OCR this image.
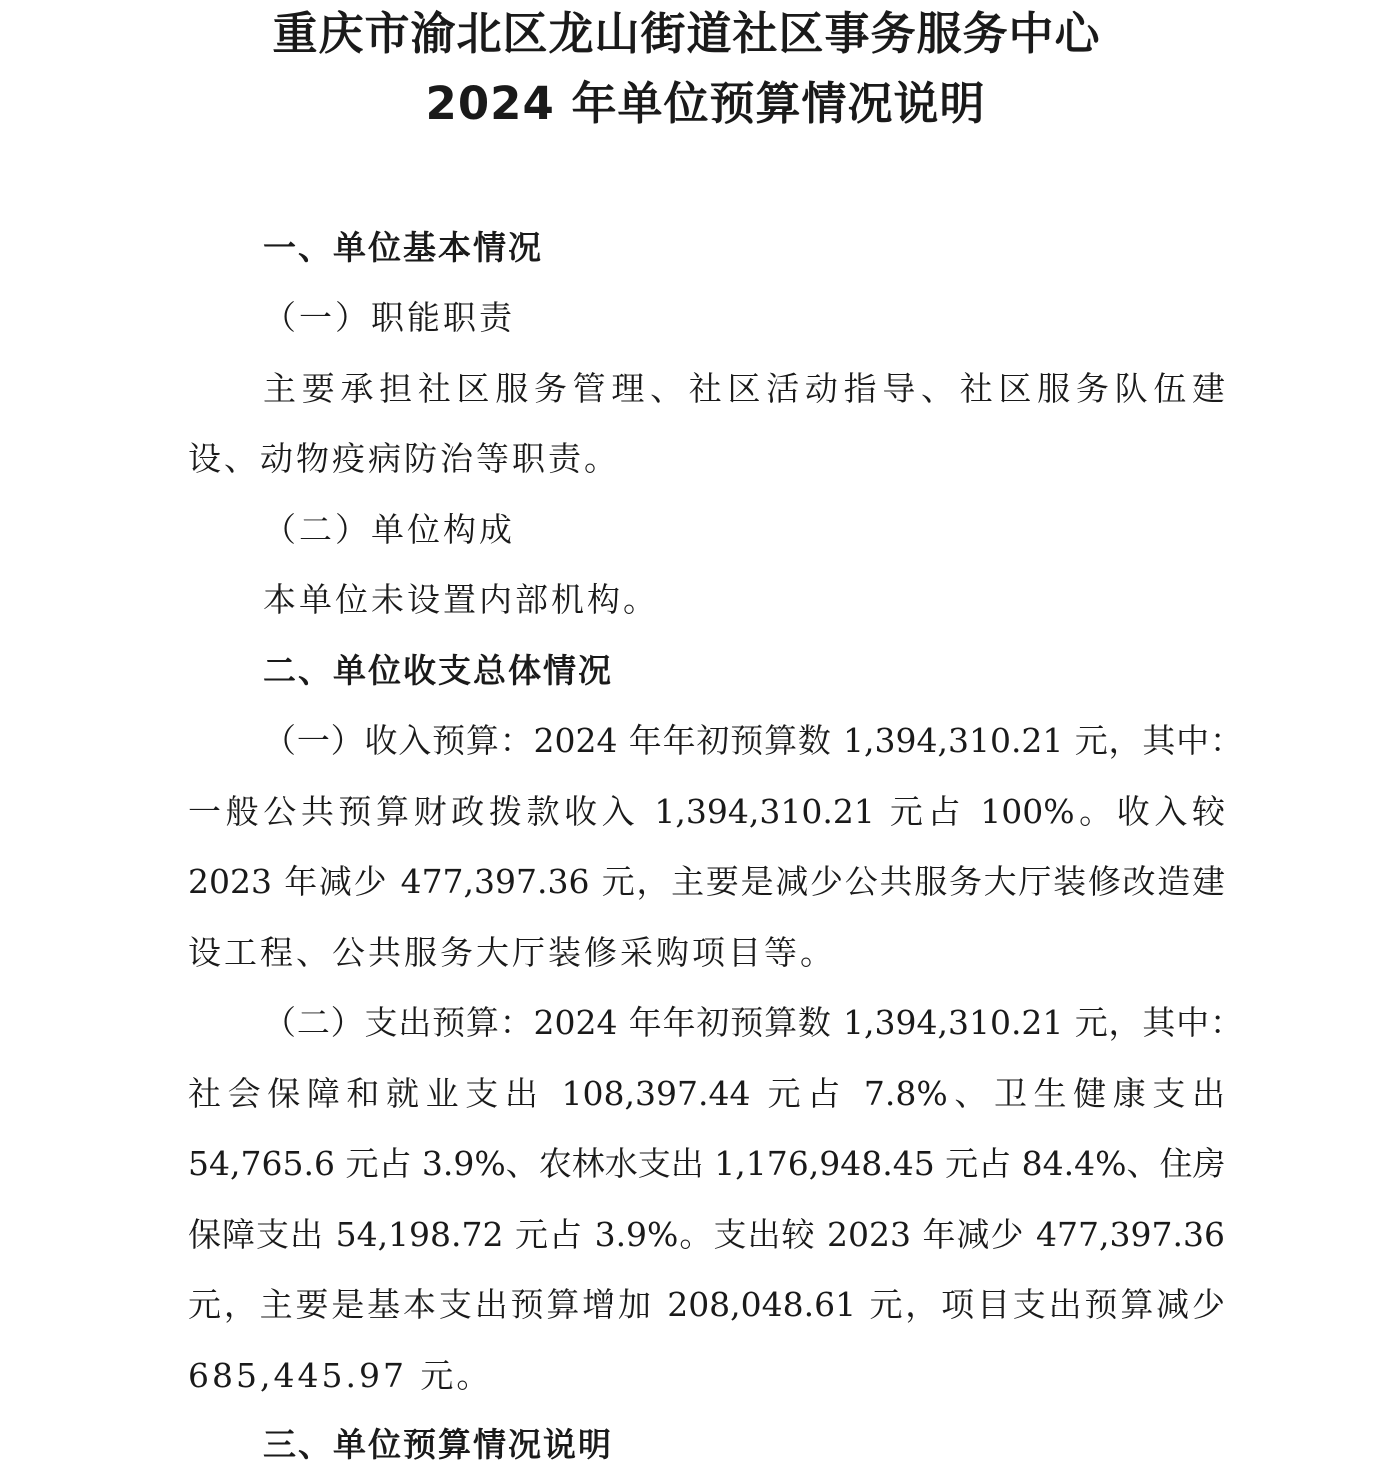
重庆市渝北区龙山街道社区事务服务中心
2024 年单位预算情况说明
一、单位基本情况
（一）职能职责
主要承担社区服务管理、社区活动指导、社区服务队伍建
设、动物疫病防治等职责。
（二）单位构成
本单位未设置内部机构。
二、单位收支总体情况
（一）收入预算：2024 年年初预算数 1,394,310.21 元，其中：
一般公共预算财政拨款收入 1,394,310.21 元占 100%。收入较
2023 年减少 477,397.36 元，主要是减少公共服务大厅装修改造建
设工程、公共服务大厅装修采购项目等。
（二）支出预算：2024 年年初预算数 1,394,310.21 元，其中：
社会保障和就业支出 108,397.44 元占 7.8%、卫生健康支出
54,765.6 元占 3.9%、农林水支出 1,176,948.45 元占 84.4%、住房
保障支出 54,198.72 元占 3.9%。支出较 2023 年减少 477,397.36
元，主要是基本支出预算增加 208,048.61 元，项目支出预算减少
685,445.97 元。
三、单位预算情况说明
